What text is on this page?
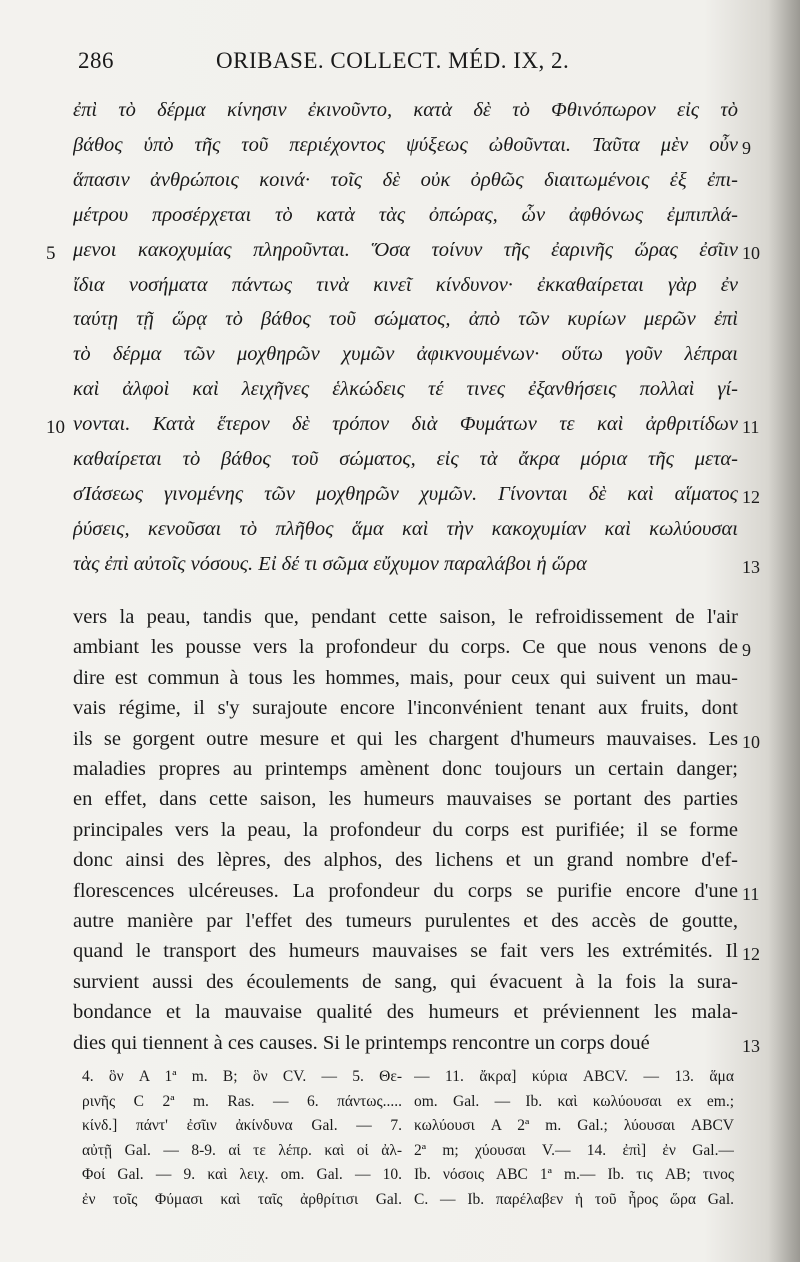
286	ORIBASE. COLLECT. MÉD. IX, 2.
ἐπὶ τὸ δέρμα κίνησιν ἐκινοῦντο, κατὰ δὲ τὸ Φθινόπωρον εἰς τὸ
βάθος ὑπὸ τῆς τοῦ περιέχοντος ψύξεως ὠθοῦνται. Ταῦτα μὲν οὖν
ἅπασιν ἀνθρώποις κοινά· τοῖς δὲ οὐκ ὀρθῶς διαιτωμένοις ἐξ ἐπι-
μέτρου προσέρχεται τὸ κατὰ τὰς ὀπώρας, ὧν ἀφθόνως ἐμπιπλά-
μενοι κακοχυμίας πληροῦνται. Ὅσα τοίνυν τῆς ἐαρινῆς ὥρας ἐσῖιν
ἴδια νοσήματα πάντως τινὰ κινεῖ κίνδυνον· ἐκκαθαίρεται γὰρ ἐν
ταύτῃ τῇ ὥρᾳ τὸ βάθος τοῦ σώματος, ἀπὸ τῶν κυρίων μερῶν ἐπὶ
τὸ δέρμα τῶν μοχθηρῶν χυμῶν ἀφικνουμένων· οὕτω γοῦν λέπραι
καὶ ἀλφοὶ καὶ λειχῆνες ἑλκώδεις τέ τινες ἐξανθήσεις πολλαὶ γί-
νονται. Κατὰ ἕτερον δὲ τρόπον διὰ Φυμάτων τε καὶ ἀρθριτίδων
καθαίρεται τὸ βάθος τοῦ σώματος, εἰς τὰ ἄκρα μόρια τῆς μετα-
σΊάσεως γινομένης τῶν μοχθηρῶν χυμῶν. Γίνονται δὲ καὶ αἵματος
ῥύσεις, κενοῦσαι τὸ πλῆθος ἅμα καὶ τὴν κακοχυμίαν καὶ κωλύουσαι
τὰς ἐπὶ αὐτοῖς νόσους. Εἰ δέ τι σῶμα εὔχυμον παραλάβοι ἡ ὥρα
5
10
9
10
11
12
13
vers la peau, tandis que, pendant cette saison, le refroidissement de l'air
ambiant les pousse vers la profondeur du corps. Ce que nous venons de
dire est commun à tous les hommes, mais, pour ceux qui suivent un mau-
vais régime, il s'y surajoute encore l'inconvénient tenant aux fruits, dont
ils se gorgent outre mesure et qui les chargent d'humeurs mauvaises. Les
maladies propres au printemps amènent donc toujours un certain danger;
en effet, dans cette saison, les humeurs mauvaises se portant des parties
principales vers la peau, la profondeur du corps est purifiée; il se forme
donc ainsi des lèpres, des alphos, des lichens et un grand nombre d'ef-
florescences ulcéreuses. La profondeur du corps se purifie encore d'une
autre manière par l'effet des tumeurs purulentes et des accès de goutte,
quand le transport des humeurs mauvaises se fait vers les extrémités. Il
survient aussi des écoulements de sang, qui évacuent à la fois la sura-
bondance et la mauvaise qualité des humeurs et préviennent les mala-
dies qui tiennent à ces causes. Si le printemps rencontre un corps doué
9
10
11
12
13
4. ὃν A 1ª m. B; ὃν CV. — 5. Θε-
ρινῆς C 2ª m. Ras. — 6. πάντως.....
κίνδ.] πάντ' ἐσῖιν ἀκίνδυνα Gal. — 7.
αὐτῇ Gal. — 8-9. αἱ τε λέπρ. καὶ οἱ ἀλ-
Φοί Gal. — 9. καὶ λειχ. om. Gal. — 10.
ἐν τοῖς Φύμασι καὶ ταῖς ἀρθρίτισι Gal.
— 11. ἄκρα] κύρια ABCV. — 13. ἅμα
om. Gal. — Ib. καὶ κωλύουσαι ex em.;
κωλύουσι A 2ª m. Gal.; λύουσαι ABCV
2ª m; χύουσαι V.— 14. ἐπὶ] ἐν Gal.—
Ib. νόσοις ABC 1ª m.— Ib. τις AB; τινος
C. — Ib. παρέλαβεν ἡ τοῦ ἦρος ὥρα Gal.
